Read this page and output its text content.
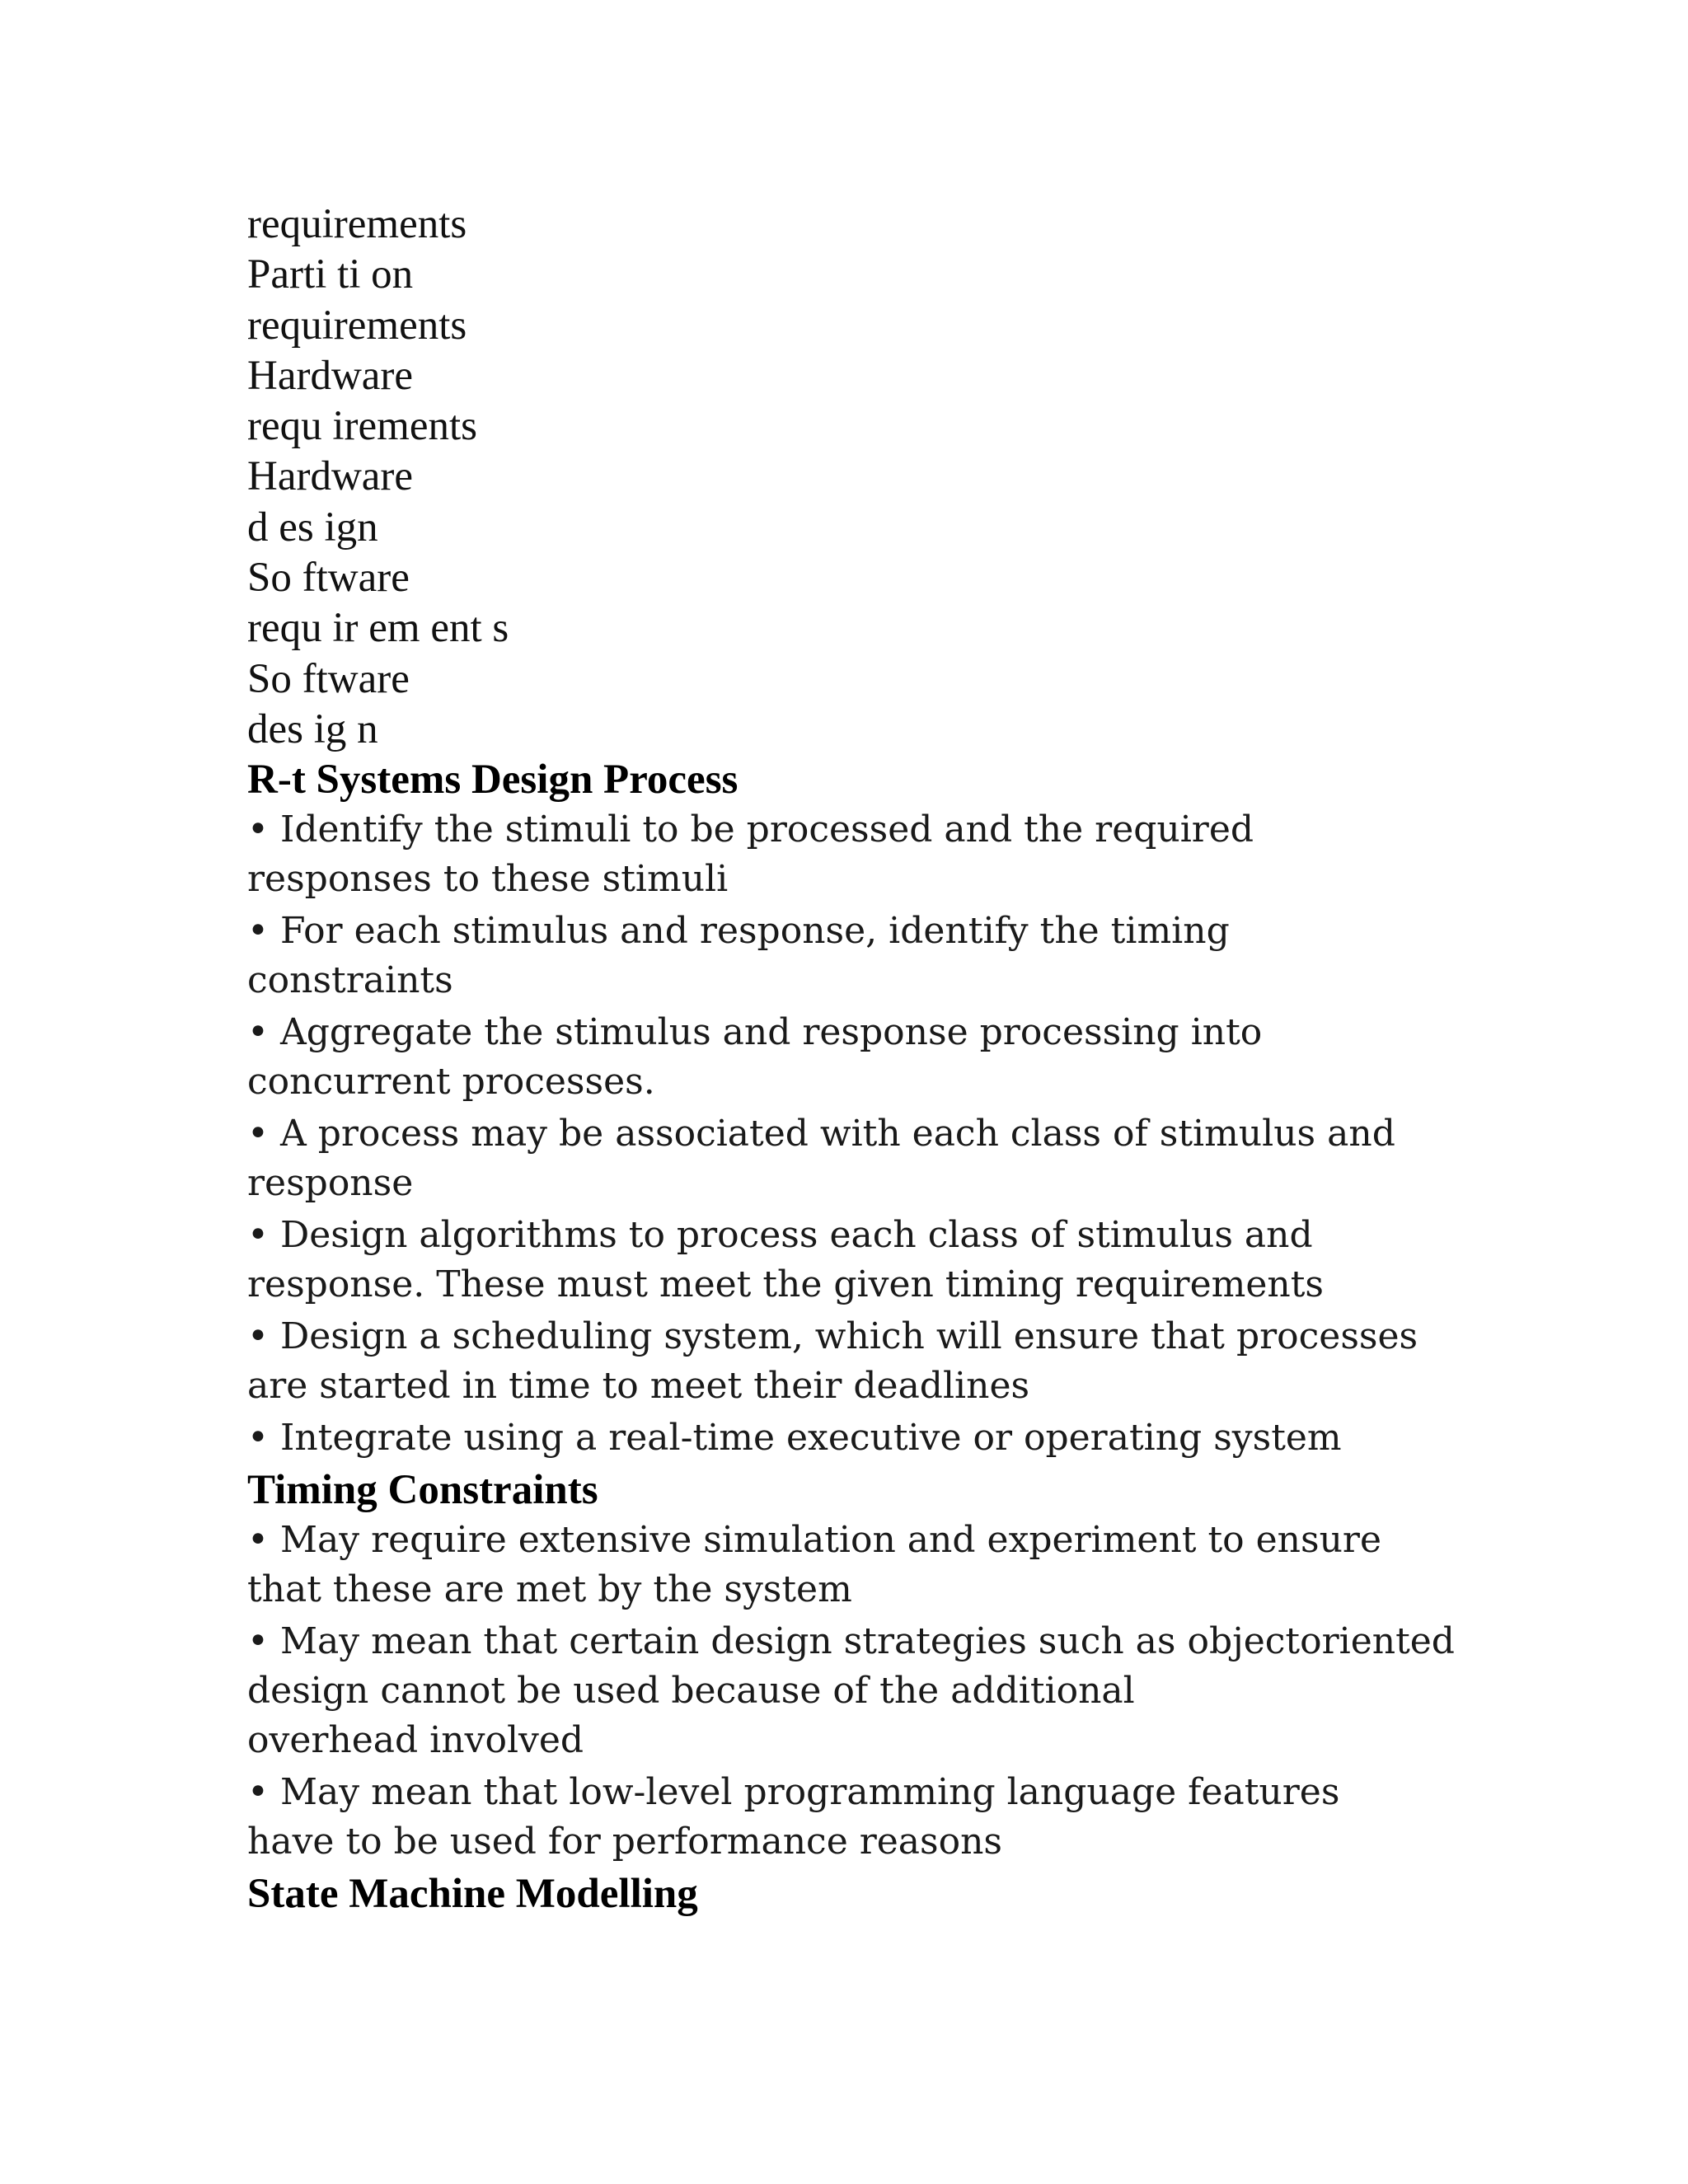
requirements
Parti ti on
requirements
Hardware
requ irements
Hardware
d es ign
So ftware
requ ir em ent s
So ftware
des ig n
R-t Systems Design Process
• Identify the stimuli to be processed and the required
responses to these stimuli
• For each stimulus and response, identify the timing
constraints
• Aggregate the stimulus and response processing into
concurrent processes.
• A process may be associated with each class of stimulus and
response
• Design algorithms to process each class of stimulus and
response. These must meet the given timing requirements
• Design a scheduling system, which will ensure that processes
are started in time to meet their deadlines
• Integrate using a real-time executive or operating system
Timing Constraints
• May require extensive simulation and experiment to ensure
that these are met by the system
• May mean that certain design strategies such as objectoriented
design cannot be used because of the additional
overhead involved
• May mean that low-level programming language features
have to be used for performance reasons
State Machine Modelling
